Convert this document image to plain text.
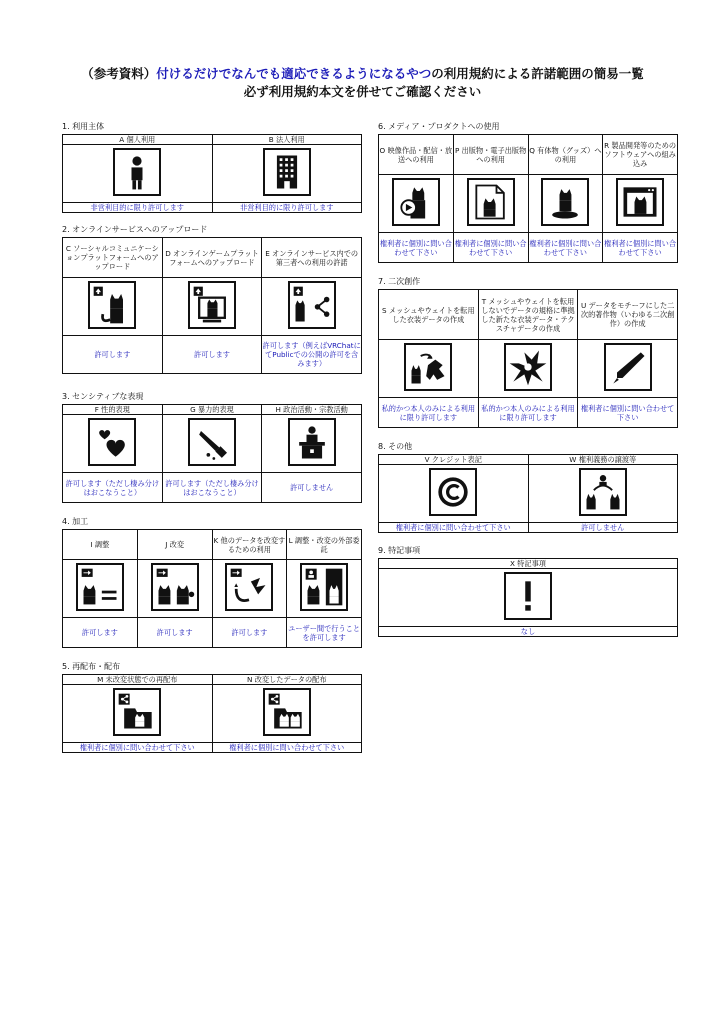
（参考資料）付けるだけでなんでも適応できるようになるやつの利用規約による許諾範囲の簡易一覧
必ず利用規約本文を併せてご確認ください
1. 利用主体
A 個人利用	B 法人利用

非営利目的に限り許可します	非営利目的に限り許可します
2. オンラインサービスへのアップロード
C ソーシャルコミュニケーションプラットフォームへのアップロード	D オンラインゲームプラットフォームへのアップロード	E オンラインサービス内での第三者への利用の許諾

許可します	許可します	許可します（例えばVRChatにてPublicでの公開の許可を含みます）
3. センシティブな表現
F 性的表現	G 暴力的表現	H 政治活動・宗教活動

許可します（ただし棲み分けはおこなうこと）	許可します（ただし棲み分けはおこなうこと）	許可しません
4. 加工
I 調整	J 改変	K 他のデータを改変するための利用	L 調整・改変の外部委託

許可します	許可します	許可します	ユーザー間で行うことを許可します
5. 再配布・配布
M 未改変状態での再配布	N 改変したデータの配布

権利者に個別に問い合わせて下さい	権利者に個別に問い合わせて下さい
6. メディア・プロダクトへの使用
O 映像作品・配信・放送への利用	P 出版物・電子出版物への利用	Q 有体物（グッズ）への利用	R 製品開発等のためのソフトウェアへの組み込み

権利者に個別に問い合わせて下さい	権利者に個別に問い合わせて下さい	権利者に個別に問い合わせて下さい	権利者に個別に問い合わせて下さい
7. 二次創作
S メッシュやウェイトを転用した衣装データの作成	T メッシュやウェイトを転用しないでデータの規格に準拠した新たな衣装データ・テクスチャデータの作成	U データをモチーフにした二次的著作物（いわゆる二次創作）の作成

私的かつ本人のみによる利用に限り許可します	私的かつ本人のみによる利用に限り許可します	権利者に個別に問い合わせて下さい
8. その他
V クレジット表記	W 権利義務の譲渡等

権利者に個別に問い合わせて下さい	許可しません
9. 特記事項
X 特記事項

なし
